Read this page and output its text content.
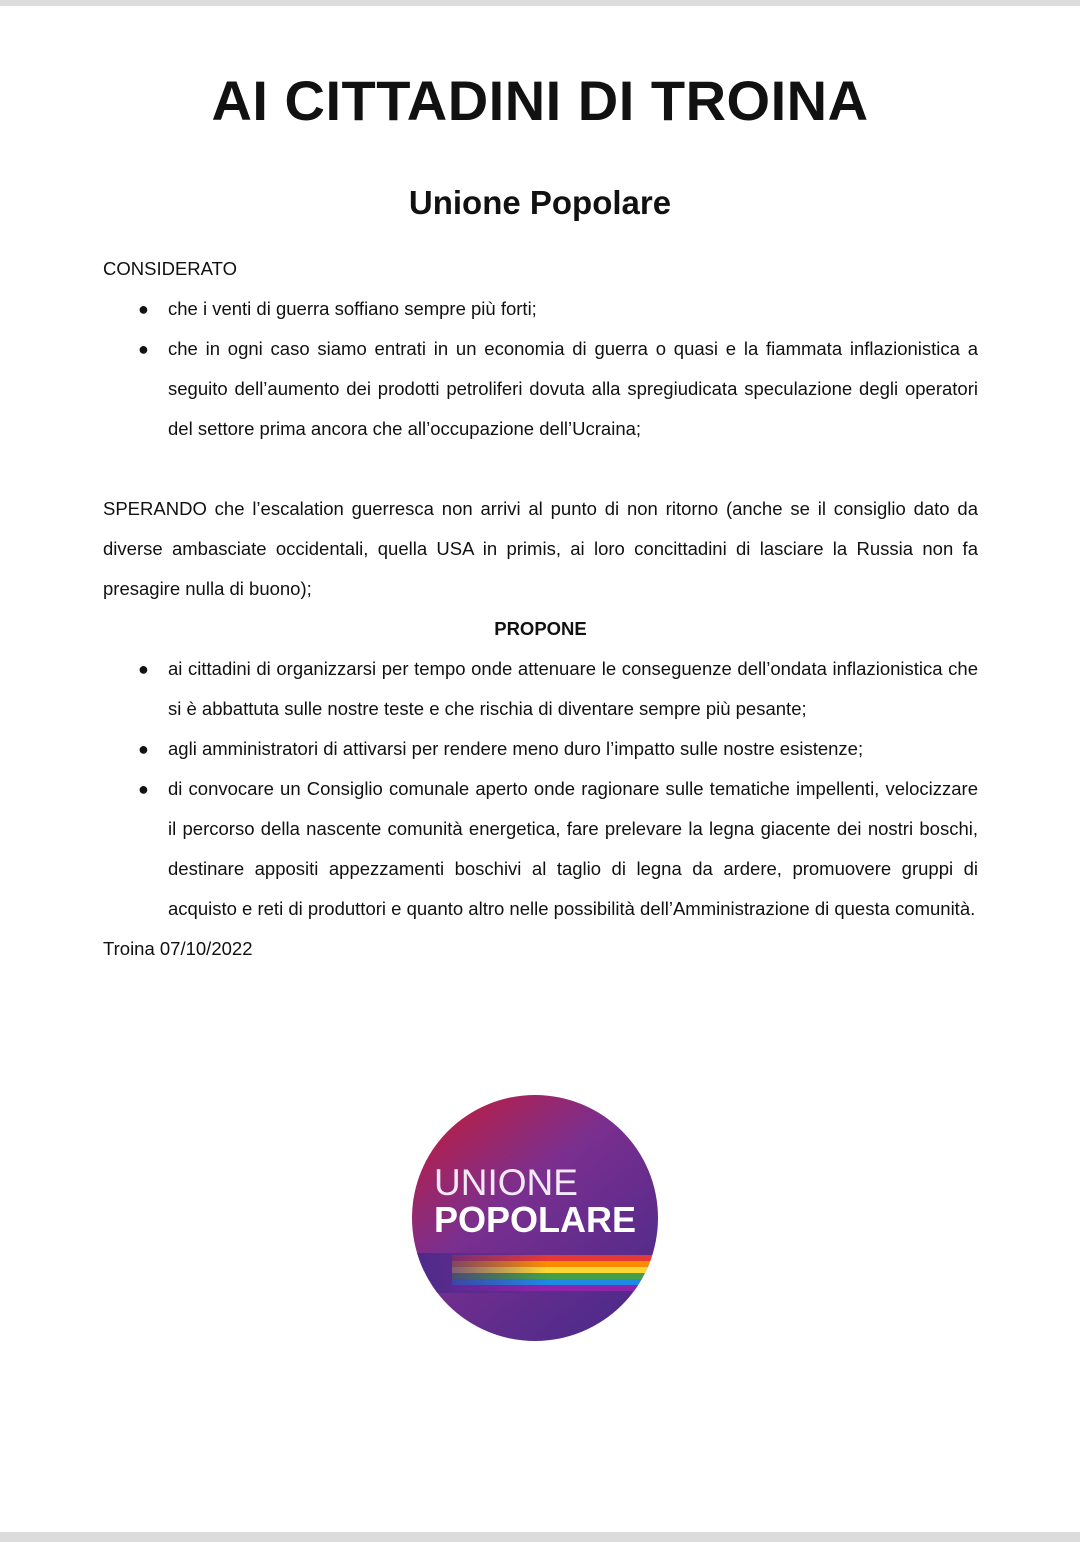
AI CITTADINI DI TROINA
Unione Popolare

CONSIDERATO

● che i venti di guerra soffiano sempre più forti;
● che in ogni caso siamo entrati in un economia di guerra o quasi e la fiammata inflazionistica a seguito dell’aumento dei prodotti petroliferi dovuta alla spregiudicata speculazione degli operatori del settore prima ancora che all’occupazione dell’Ucraina;

SPERANDO che l’escalation guerresca non arrivi al punto di non ritorno (anche se il consiglio dato da diverse ambasciate occidentali, quella USA in primis, ai loro concittadini di lasciare la Russia non fa presagire nulla di buono);

PROPONE

● ai cittadini di organizzarsi per tempo onde attenuare le conseguenze dell’ondata inflazionistica che si è abbattuta sulle nostre teste e che rischia di diventare sempre più pesante;
● agli amministratori di attivarsi per rendere meno duro l’impatto sulle nostre esistenze;
● di convocare un Consiglio comunale aperto onde ragionare sulle tematiche impellenti, velocizzare il percorso della nascente comunità energetica, fare prelevare la legna giacente dei nostri boschi, destinare appositi appezzamenti boschivi al taglio di legna da ardere, promuovere gruppi di acquisto e reti di produttori e quanto altro nelle possibilità dell’Amministrazione di questa comunità.

Troina 07/10/2022

UNIONE
POPOLARE
